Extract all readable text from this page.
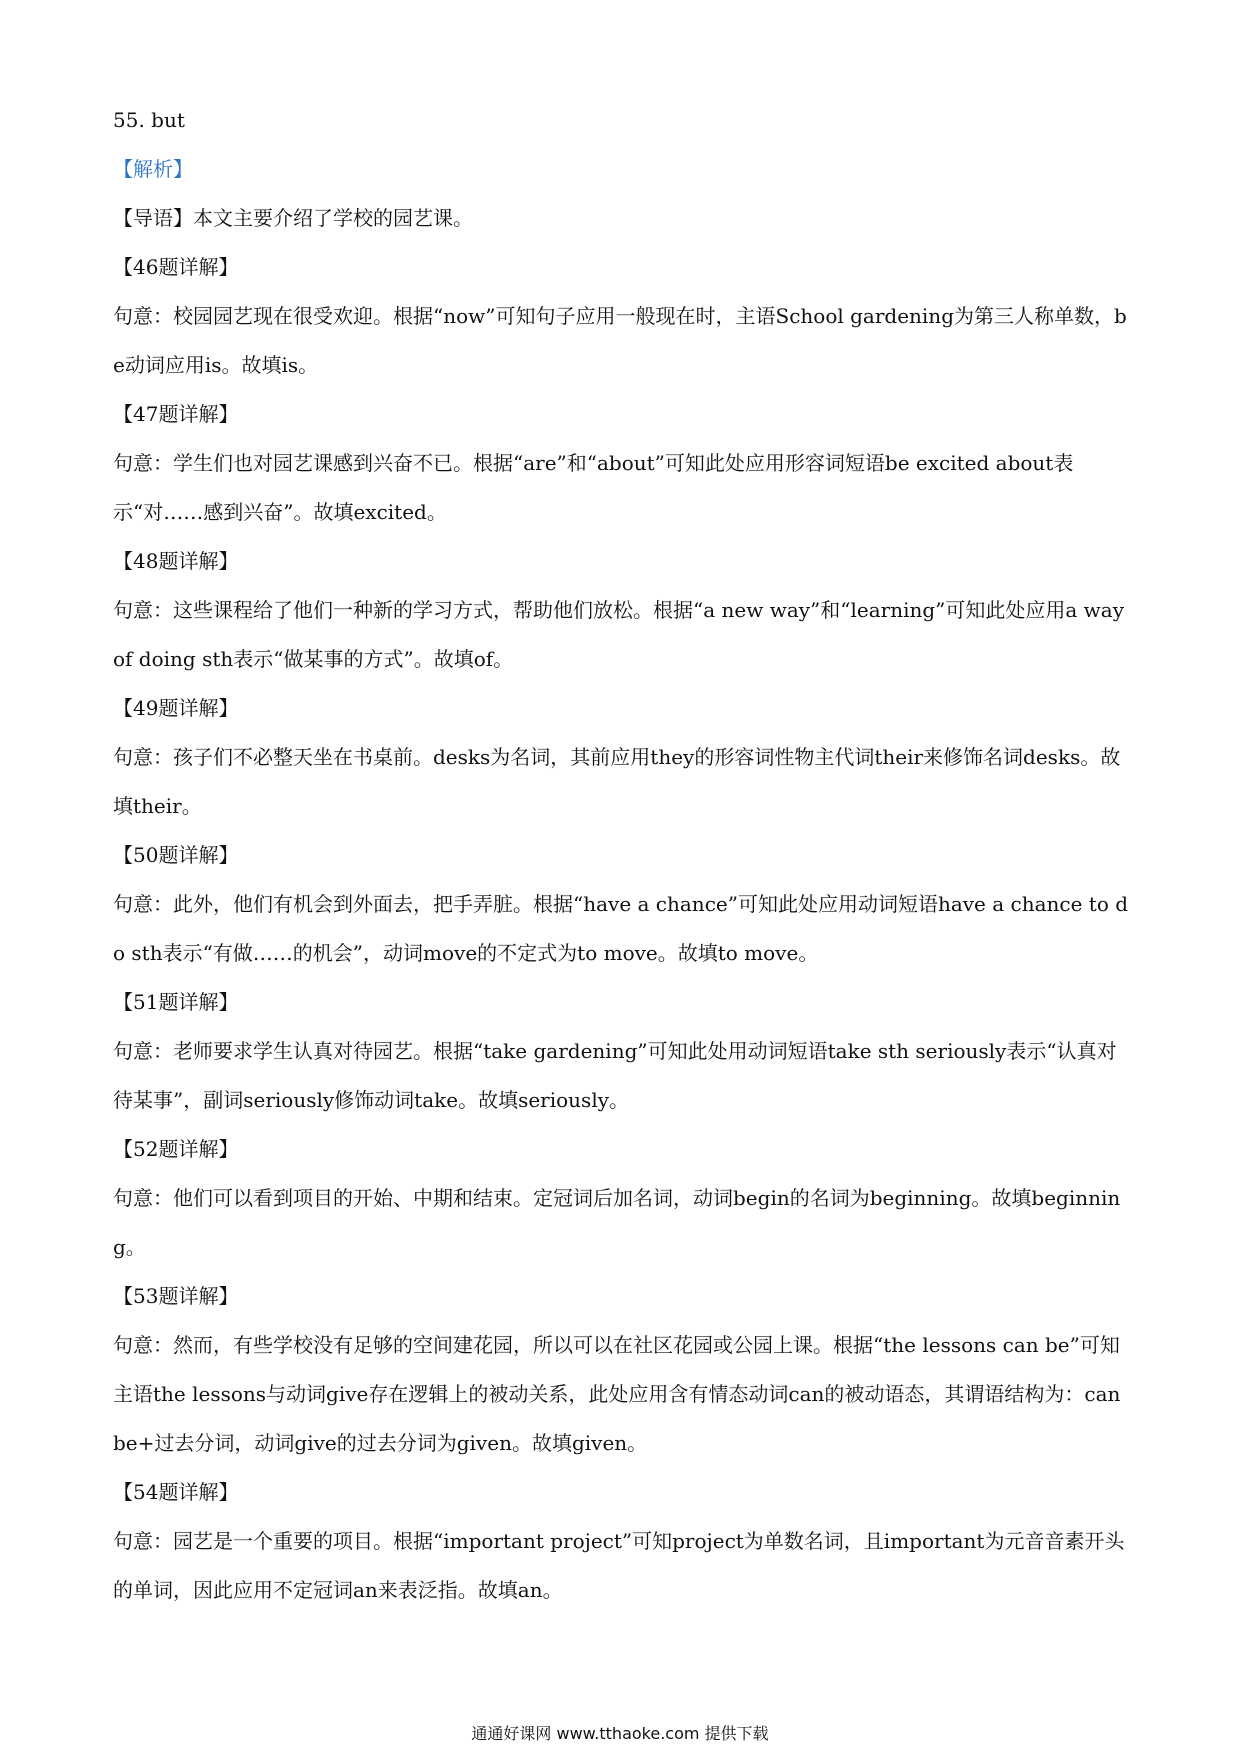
55. but
【解析】
【导语】本文主要介绍了学校的园艺课。
【46题详解】
句意：校园园艺现在很受欢迎。根据“now”可知句子应用一般现在时，主语School gardening为第三人称单数，be动词应用is。故填is。
【47题详解】
句意：学生们也对园艺课感到兴奋不已。根据“are”和“about”可知此处应用形容词短语be excited about表示“对……感到兴奋”。故填excited。
【48题详解】
句意：这些课程给了他们一种新的学习方式，帮助他们放松。根据“a new way”和“learning”可知此处应用a way of doing sth表示“做某事的方式”。故填of。
【49题详解】
句意：孩子们不必整天坐在书桌前。desks为名词，其前应用they的形容词性物主代词their来修饰名词desks。故填their。
【50题详解】
句意：此外，他们有机会到外面去，把手弄脏。根据“have a chance”可知此处应用动词短语have a chance to do sth表示“有做……的机会”，动词move的不定式为to move。故填to move。
【51题详解】
句意：老师要求学生认真对待园艺。根据“take gardening”可知此处用动词短语take sth seriously表示“认真对待某事”，副词seriously修饰动词take。故填seriously。
【52题详解】
句意：他们可以看到项目的开始、中期和结束。定冠词后加名词，动词begin的名词为beginning。故填beginning。
【53题详解】
句意：然而，有些学校没有足够的空间建花园，所以可以在社区花园或公园上课。根据“the lessons can be”可知主语the lessons与动词give存在逻辑上的被动关系，此处应用含有情态动词can的被动语态，其谓语结构为：can be+过去分词，动词give的过去分词为given。故填given。
【54题详解】
句意：园艺是一个重要的项目。根据“important project”可知project为单数名词，且important为元音音素开头的单词，因此应用不定冠词an来表泛指。故填an。
通通好课网 www.tthaoke.com 提供下载
